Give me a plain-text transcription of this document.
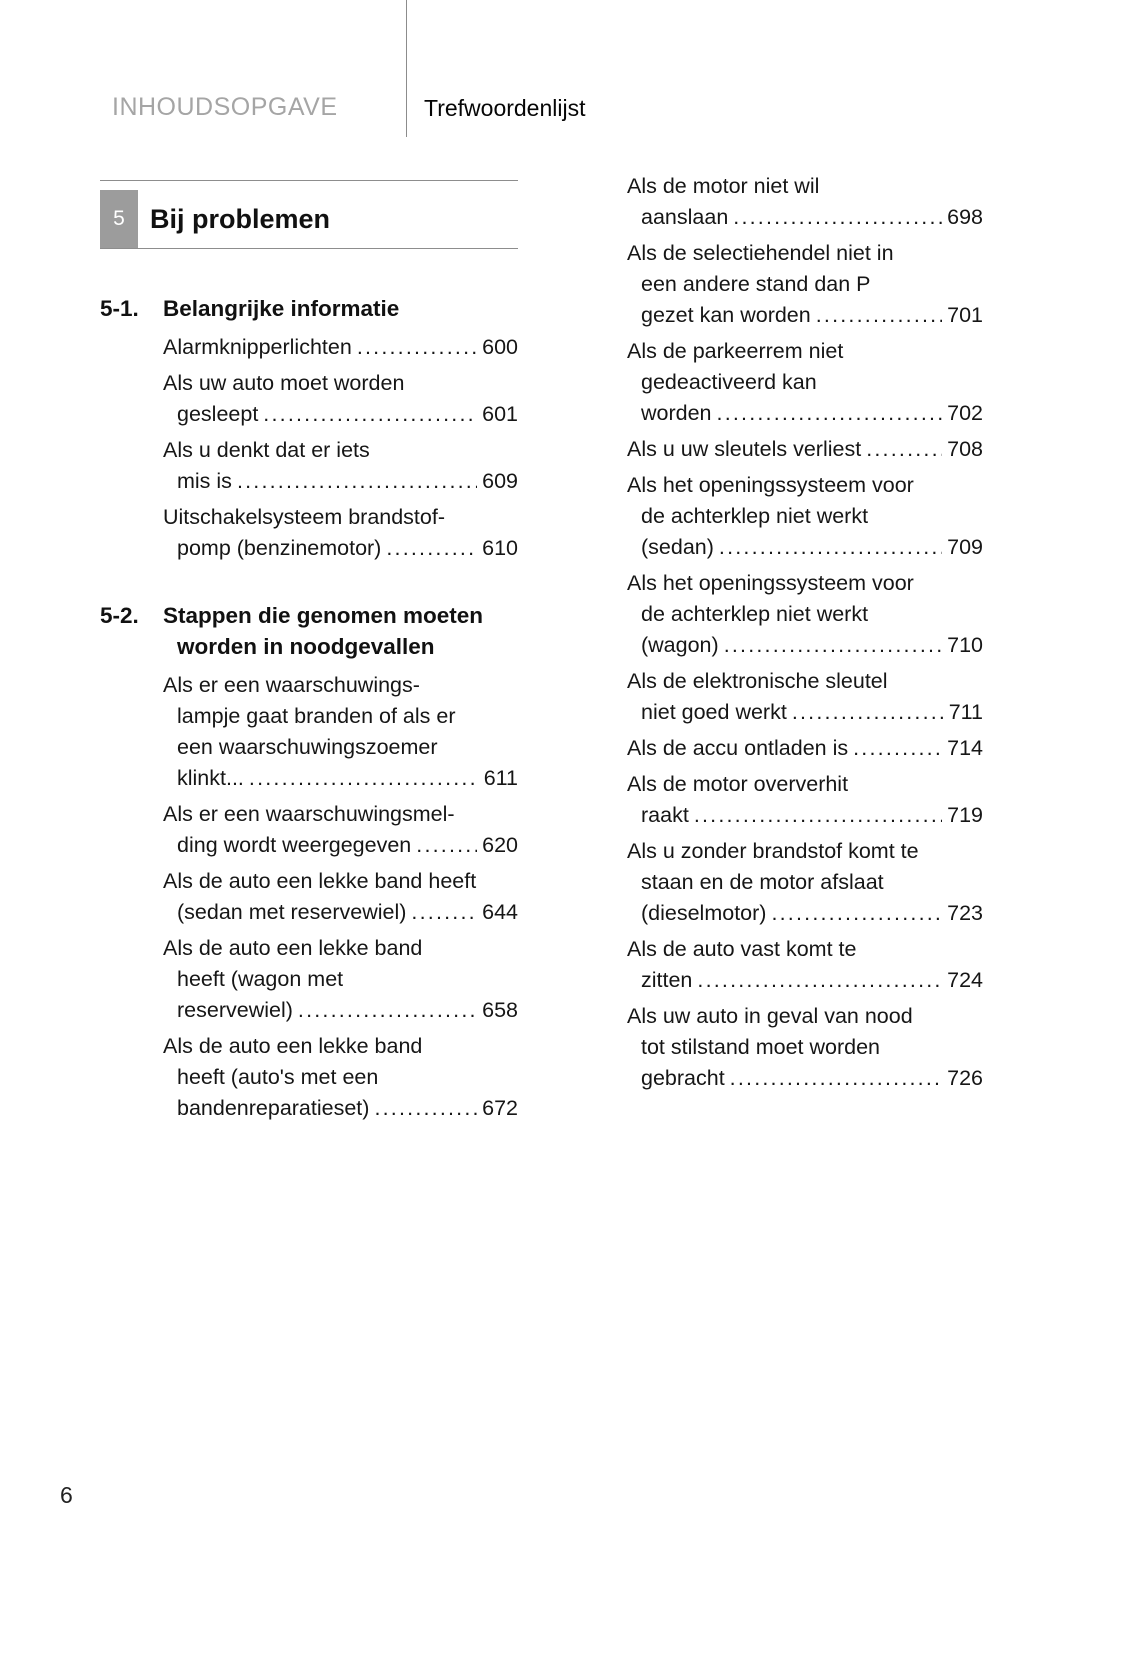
INHOUDSOPGAVE	Trefwoordenlijst
5 Bij problemen
5-1.	Belangrijke informatie
Alarmknipperlichten .....	600
Als uw auto moet worden
gesleept .....	601
Als u denkt dat er iets
mis is .....	609
Uitschakelsysteem brandstof-
pomp (benzinemotor) .....	610
5-2.	Stappen die genomen moeten
worden in noodgevallen
Als er een waarschuwings-
lampje gaat branden of als er
een waarschuwingszoemer
klinkt... .....	611
Als er een waarschuwingsmel-
ding wordt weergegeven .....	620
Als de auto een lekke band heeft
(sedan met reservewiel) .....	644
Als de auto een lekke band
heeft (wagon met
reservewiel) .....	658
Als de auto een lekke band
heeft (auto's met een
bandenreparatieset) .....	672
Als de motor niet wil
aanslaan .....	698
Als de selectiehendel niet in
een andere stand dan P
gezet kan worden .....	701
Als de parkeerrem niet
gedeactiveerd kan
worden .....	702
Als u uw sleutels verliest .....	708
Als het openingssysteem voor
de achterklep niet werkt
(sedan) .....	709
Als het openingssysteem voor
de achterklep niet werkt
(wagon) .....	710
Als de elektronische sleutel
niet goed werkt .....	711
Als de accu ontladen is .....	714
Als de motor oververhit
raakt .....	719
Als u zonder brandstof komt te
staan en de motor afslaat
(dieselmotor) .....	723
Als de auto vast komt te
zitten .....	724
Als uw auto in geval van nood
tot stilstand moet worden
gebracht .....	726
6
